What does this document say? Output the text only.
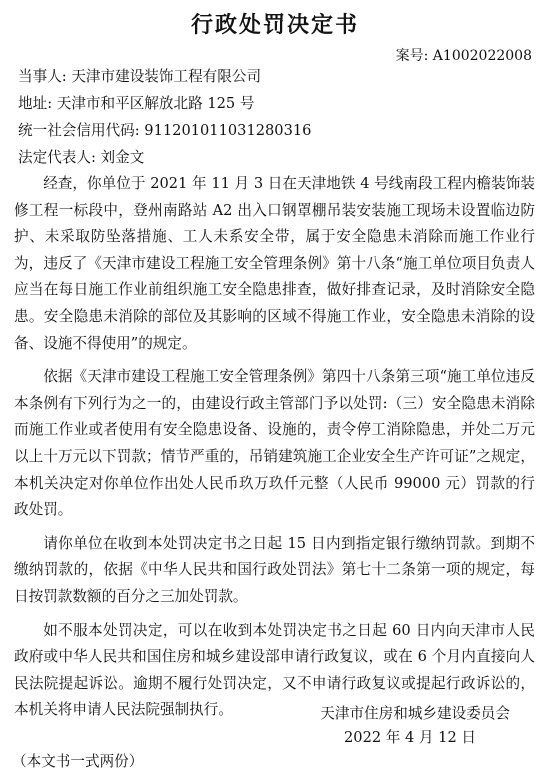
行政处罚决定书
案号: A1002022008
当事人: 天津市建设装饰工程有限公司
地址: 天津市和平区解放北路 125 号
统一社会信用代码: 911201011031280316
法定代表人: 刘金文

经查，你单位于 2021 年 11 月 3 日在天津地铁 4 号线南段工程内檐装饰装修工程一标段中，登州南路站 A2 出入口钢罩棚吊装安装施工现场未设置临边防护、未采取防坠落措施、工人未系安全带，属于安全隐患未消除而施工作业行为，违反了《天津市建设工程施工安全管理条例》第十八条“施工单位项目负责人应当在每日施工作业前组织施工安全隐患排查，做好排查记录，及时消除安全隐患。安全隐患未消除的部位及其影响的区域不得施工作业，安全隐患未消除的设备、设施不得使用”的规定。

依据《天津市建设工程施工安全管理条例》第四十八条第三项“施工单位违反本条例有下列行为之一的，由建设行政主管部门予以处罚:（三）安全隐患未消除而施工作业或者使用有安全隐患设备、设施的，责令停工消除隐患，并处二万元以上十万元以下罚款；情节严重的，吊销建筑施工企业安全生产许可证”之规定，本机关决定对你单位作出处人民币玖万玖仟元整（人民币 99000 元）罚款的行政处罚。

请你单位在收到本处罚决定书之日起 15 日内到指定银行缴纳罚款。到期不缴纳罚款的，依据《中华人民共和国行政处罚法》第七十二条第一项的规定，每日按罚款数额的百分之三加处罚款。

如不服本处罚决定，可以在收到本处罚决定书之日起 60 日内向天津市人民政府或中华人民共和国住房和城乡建设部申请行政复议，或在 6 个月内直接向人民法院提起诉讼。逾期不履行处罚决定，又不申请行政复议或提起行政诉讼的，本机关将申请人民法院强制执行。	天津市住房和城乡建设委员会
2022 年 4 月 12 日
（本文书一式两份）
